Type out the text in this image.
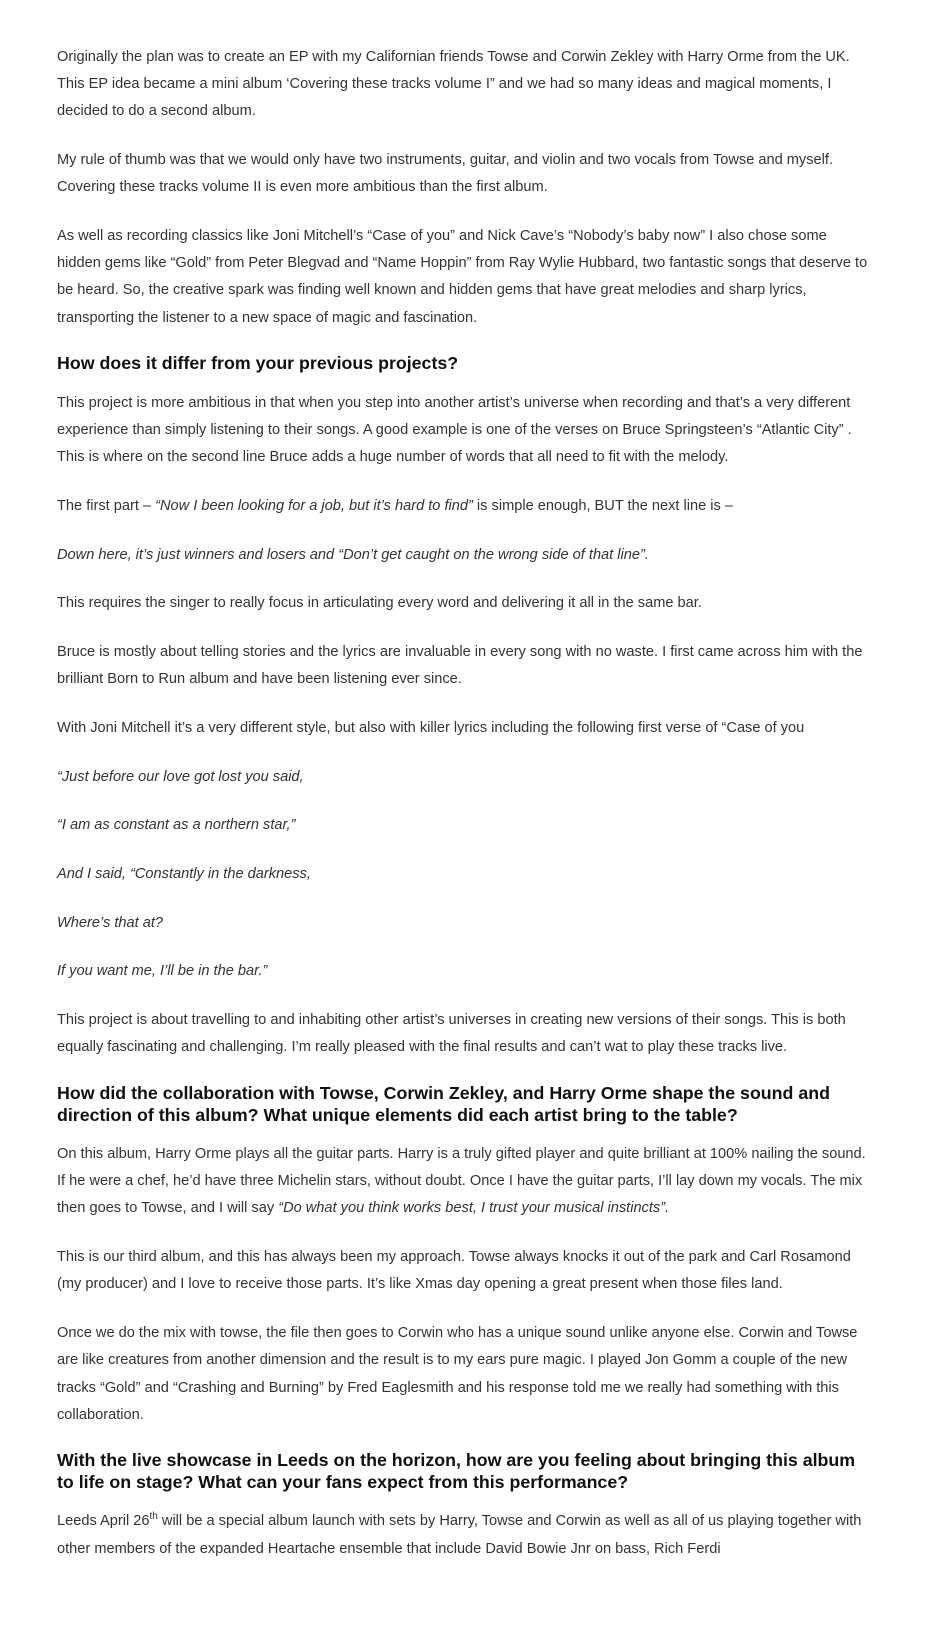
Originally the plan was to create an EP with my Californian friends Towse and Corwin Zekley with Harry Orme from the UK. This EP idea became a mini album ‘Covering these tracks volume I” and we had so many ideas and magical moments, I decided to do a second album.

My rule of thumb was that we would only have two instruments, guitar, and violin and two vocals from Towse and myself. Covering these tracks volume II is even more ambitious than the first album.

As well as recording classics like Joni Mitchell’s “Case of you” and Nick Cave’s “Nobody’s baby now” I also chose some hidden gems like “Gold” from Peter Blegvad and “Name Hoppin” from Ray Wylie Hubbard, two fantastic songs that deserve to be heard. So, the creative spark was finding well known and hidden gems that have great melodies and sharp lyrics, transporting the listener to a new space of magic and fascination.

How does it differ from your previous projects?

This project is more ambitious in that when you step into another artist’s universe when recording and that’s a very different experience than simply listening to their songs. A good example is one of the verses on Bruce Springsteen’s “Atlantic City” . This is where on the second line Bruce adds a huge number of words that all need to fit with the melody.

The first part – “Now I been looking for a job, but it’s hard to find” is simple enough, BUT the next line is –

Down here, it’s just winners and losers and “Don’t get caught on the wrong side of that line”.

This requires the singer to really focus in articulating every word and delivering it all in the same bar.

Bruce is mostly about telling stories and the lyrics are invaluable in every song with no waste. I first came across him with the brilliant Born to Run album and have been listening ever since.

With Joni Mitchell it’s a very different style, but also with killer lyrics including the following first verse of “Case of you

“Just before our love got lost you said,

“I am as constant as a northern star,”

And I said, “Constantly in the darkness,

Where’s that at?

If you want me, I’ll be in the bar.”

This project is about travelling to and inhabiting other artist’s universes in creating new versions of their songs. This is both equally fascinating and challenging. I’m really pleased with the final results and can’t wat to play these tracks live.

How did the collaboration with Towse, Corwin Zekley, and Harry Orme shape the sound and direction of this album? What unique elements did each artist bring to the table?

On this album, Harry Orme plays all the guitar parts. Harry is a truly gifted player and quite brilliant at 100% nailing the sound. If he were a chef, he’d have three Michelin stars, without doubt. Once I have the guitar parts, I’ll lay down my vocals. The mix then goes to Towse, and I will say “Do what you think works best, I trust your musical instincts”.

This is our third album, and this has always been my approach. Towse always knocks it out of the park and Carl Rosamond (my producer) and I love to receive those parts. It’s like Xmas day opening a great present when those files land.

Once we do the mix with towse, the file then goes to Corwin who has a unique sound unlike anyone else. Corwin and Towse are like creatures from another dimension and the result is to my ears pure magic. I played Jon Gomm a couple of the new tracks “Gold” and “Crashing and Burning” by Fred Eaglesmith and his response told me we really had something with this collaboration.

With the live showcase in Leeds on the horizon, how are you feeling about bringing this album to life on stage? What can your fans expect from this performance?

Leeds April 26th will be a special album launch with sets by Harry, Towse and Corwin as well as all of us playing together with other members of the expanded Heartache ensemble that include David Bowie Jnr on bass, Rich Ferdi
